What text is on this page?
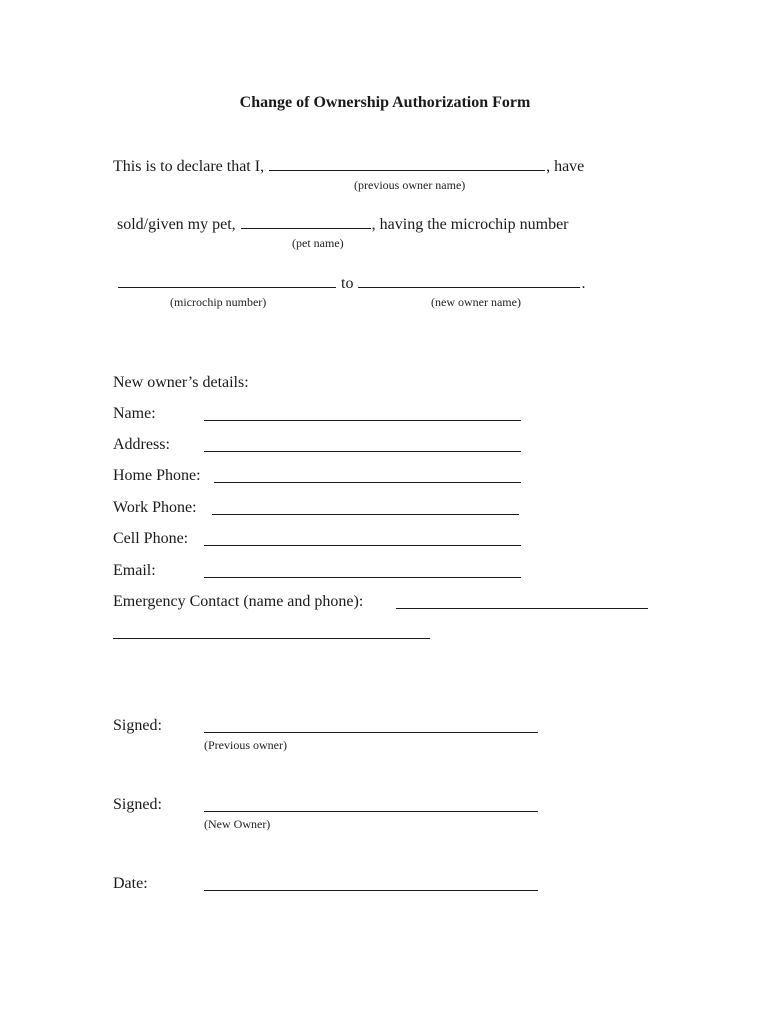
Change of Ownership Authorization Form
This is to declare that I,	, have
(previous owner name)
sold/given my pet,	, having the microchip number
(pet name)
to	.
(microchip number)	(new owner name)
New owner’s details:
Name:
Address:
Home Phone:
Work Phone:
Cell Phone:
Email:
Emergency Contact (name and phone):
Signed:
(Previous owner)
Signed:
(New Owner)
Date:
